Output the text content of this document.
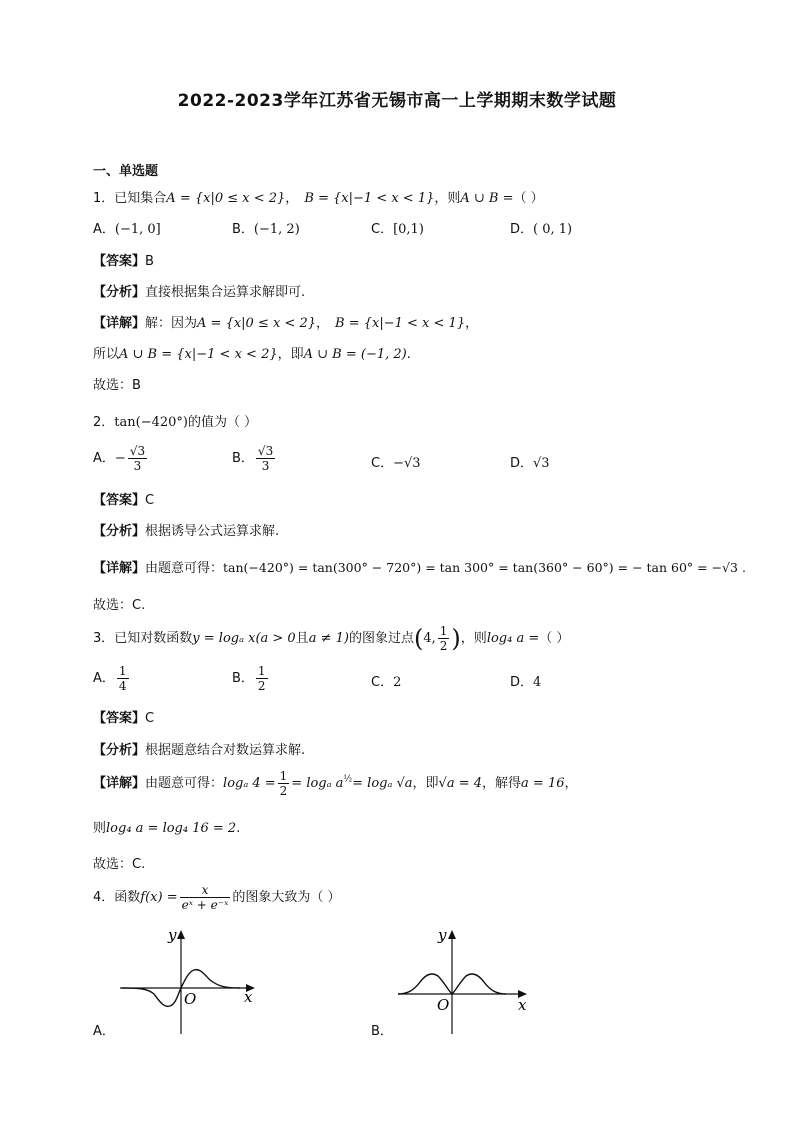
2022-2023学年江苏省无锡市高一上学期期末数学试题
一、单选题
1．已知集合A = {x|0 ≤ x < 2}， B = {x|−1 < x < 1}，则A ∪ B =（ ）
A．(−1, 0]	B．(−1, 2)	C．[0,1)	D．( 0, 1)
【答案】B
【分析】直接根据集合运算求解即可.
【详解】解：因为A = {x|0 ≤ x < 2}， B = {x|−1 < x < 1}，
所以A ∪ B = {x|−1 < x < 2}，即A ∪ B = (−1, 2).
故选：B
2．tan(−420°)的值为（ ）
A．− $\frac{√3}{3}$	B． $\frac{√3}{3}$	C．−√3	D．√3
【答案】C
【分析】根据诱导公式运算求解.
【详解】由题意可得：tan(−420°) = tan(300° − 720°) = tan 300° = tan(360° − 60°) = − tan 60° = −√3 .
故选：C.
3．已知对数函数y = logₐ x(a > 0且a ≠ 1)的图象过点(4, $\frac{1}{2}$ )，则log₄ a =（ ）
A． $\frac{1}{4}$	B． $\frac{1}{2}$	C．2	D．4
【答案】C
【分析】根据题意结合对数运算求解.
【详解】由题意可得：logₐ $4 = \frac{1}{2} = \log_a$ $a^{\frac{1}{2}}= \log_a$ √a，即√a = 4，解得a = 16，
则log₄ a = log₄ 16 = 2.
故选：C.
4．函数$f(x) = \frac{x}{\text{eˣ + e⁻ˣ}}$ 的图象大致为（ ）
y
x
O
A．
y
x
O
B．
